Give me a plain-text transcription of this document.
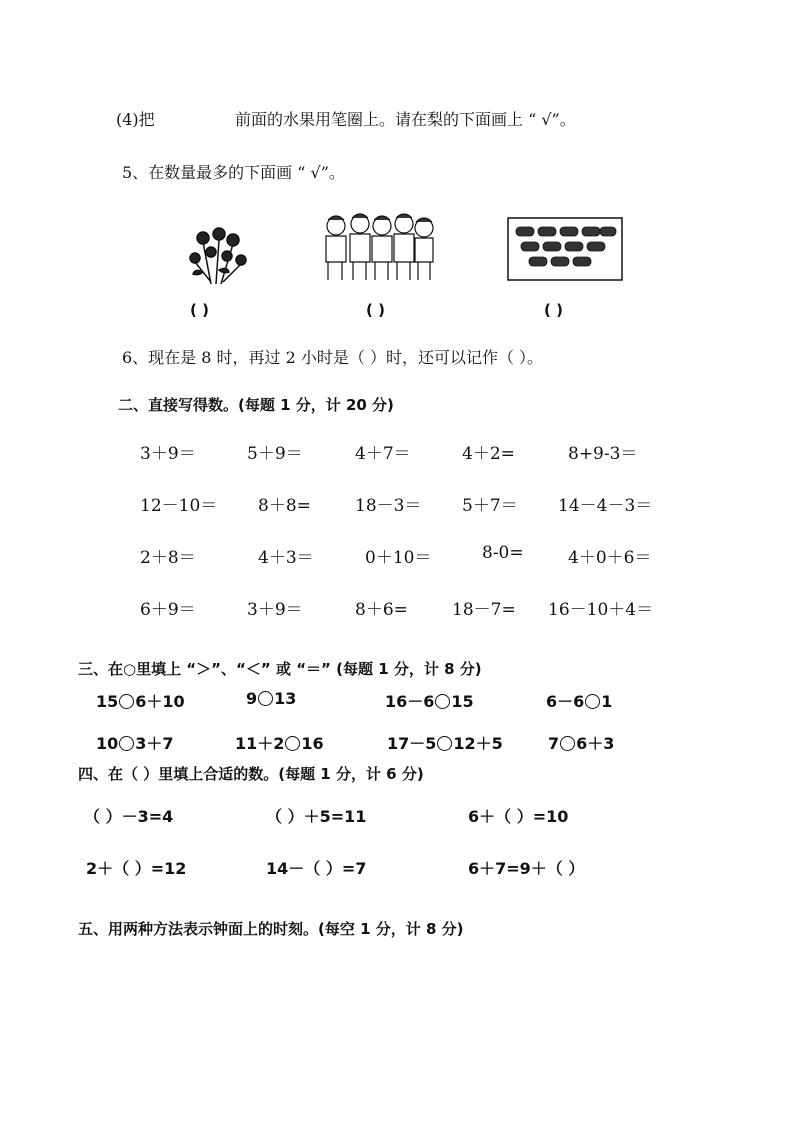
(4)把	前面的水果用笔圈上。请在梨的下面画上 “ √”。
5、在数量最多的下面画 “ √”。
( )	( )	( )
6、现在是 8 时，再过 2 小时是（ ）时，还可以记作（ ）。
二、直接写得数。(每题 1 分，计 20 分)
3＋9＝	5＋9＝	4＋7＝	4＋2=	8+9-3＝
12－10＝ 8＋8=	18－3＝ 5＋7＝ 14－4－3＝
2＋8＝	4＋3＝	0＋10＝	8-0=	4＋0＋6＝
6＋9＝	3＋9＝	8＋6=	18－7= 16－10＋4＝
三、在○里填上 “＞”、“＜” 或 “＝” (每题 1 分，计 8 分)
15 6＋10	9 13	16－6 15	6－6 1
10 3＋7	11＋2 16	17－5 12＋5	7 6＋3
四、在（ ）里填上合适的数。(每题 1 分，计 6 分)
（ ）－3=4	（ ）＋5=11	6＋（ ）=10
2＋（ ）=12	14－（ ）=7	6＋7=9＋（ ）
五、用两种方法表示钟面上的时刻。(每空 1 分，计 8 分)
